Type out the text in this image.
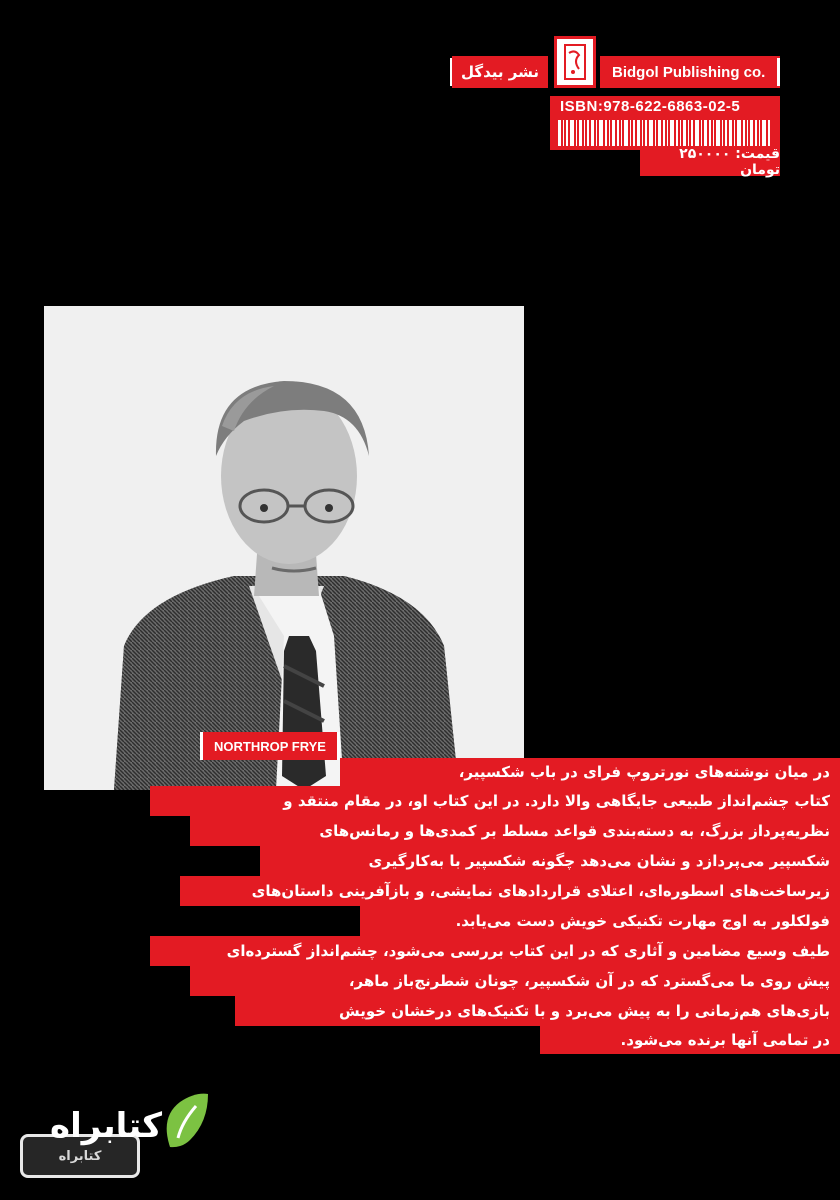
نشر بیدگل	Bidgol Publishing co.
ISBN:978-622-6863-02-5
قیمت: ۲۵۰۰۰۰ تومان
NORTHROP FRYE
در میان نوشته‌های نورتروپ فرای در باب شکسپیر،
کتاب چشم‌انداز طبیعی جایگاهی والا دارد. در این کتاب او، در مقام منتقد و
نظریه‌پرداز بزرگ، به دسته‌بندی قواعد مسلط بر کمدی‌ها و رمانس‌های
شکسپیر می‌پردازد و نشان می‌دهد چگونه شکسپیر با به‌کارگیری
زیرساخت‌های اسطوره‌ای، اعتلای قراردادهای نمایشی، و بازآفرینی داستان‌های
فولکلور به اوج مهارت تکنیکی خویش دست می‌یابد.
طیف وسیع مضامین و آثاری که در این کتاب بررسی می‌شود، چشم‌انداز گسترده‌ای
پیش روی ما می‌گسترد که در آن شکسپیر، چونان شطرنج‌باز ماهر،
بازی‌های هم‌زمانی را به پیش می‌برد و با تکنیک‌های درخشان خویش
در تمامی آنها برنده می‌شود.
کتابراه
کتابراه
